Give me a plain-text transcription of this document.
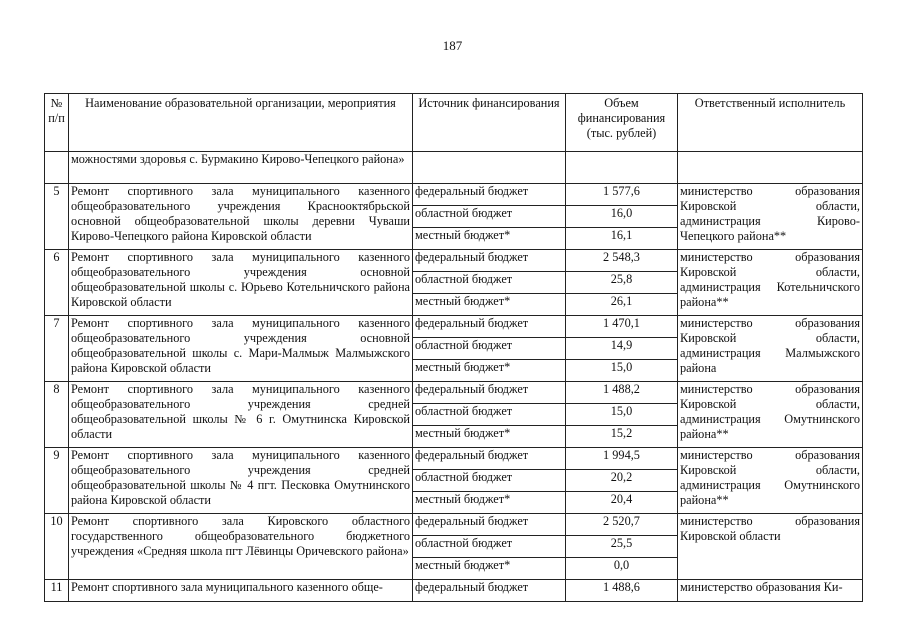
187
№ п/п	Наименование образовательной организации, мероприятия	Источник финансирования	Объем финансирования (тыс. рублей)	Ответственный исполнитель
	можностями здоровья с. Бурмакино Кирово-Чепецкого района»			
5	Ремонт спортивного зала муниципального казенного общеобразовательного учреждения Краснооктябрьской основной общеобразовательной школы деревни Чуваши Кирово-Чепецкого района Кировской области	федеральный бюджет	1 577,6	министерство образования Кировской области, администрация Кирово-Чепецкого района**
		областной бюджет	16,0	
		местный бюджет*	16,1	
6	Ремонт спортивного зала муниципального казенного общеобразовательного учреждения основной общеобразовательной школы с. Юрьево Котельничского района Кировской области	федеральный бюджет	2 548,3	министерство образования Кировской области, администрация Котельничского района**
		областной бюджет	25,8	
		местный бюджет*	26,1	
7	Ремонт спортивного зала муниципального казенного общеобразовательного учреждения основной общеобразовательной школы с. Мари-Малмыж Малмыжского района Кировской области	федеральный бюджет	1 470,1	министерство образования Кировской области, администрация Малмыжского района
		областной бюджет	14,9	
		местный бюджет*	15,0	
8	Ремонт спортивного зала муниципального казенного общеобразовательного учреждения средней общеобразовательной школы № 6 г. Омутнинска Кировской области	федеральный бюджет	1 488,2	министерство образования Кировской области, администрация Омутнинского района**
		областной бюджет	15,0	
		местный бюджет*	15,2	
9	Ремонт спортивного зала муниципального казенного общеобразовательного учреждения средней общеобразовательной школы № 4 пгт. Песковка Омутнинского района Кировской области	федеральный бюджет	1 994,5	министерство образования Кировской области, администрация Омутнинского района**
		областной бюджет	20,2	
		местный бюджет*	20,4	
10	Ремонт спортивного зала Кировского областного государственного общеобразовательного бюджетного учреждения «Средняя школа пгт Лёвинцы Оричевского района»	федеральный бюджет	2 520,7	министерство образования Кировской области
		областной бюджет	25,5	
		местный бюджет*	0,0	
11	Ремонт спортивного зала муниципального казенного обще-	федеральный бюджет	1 488,6	министерство образования Ки-
